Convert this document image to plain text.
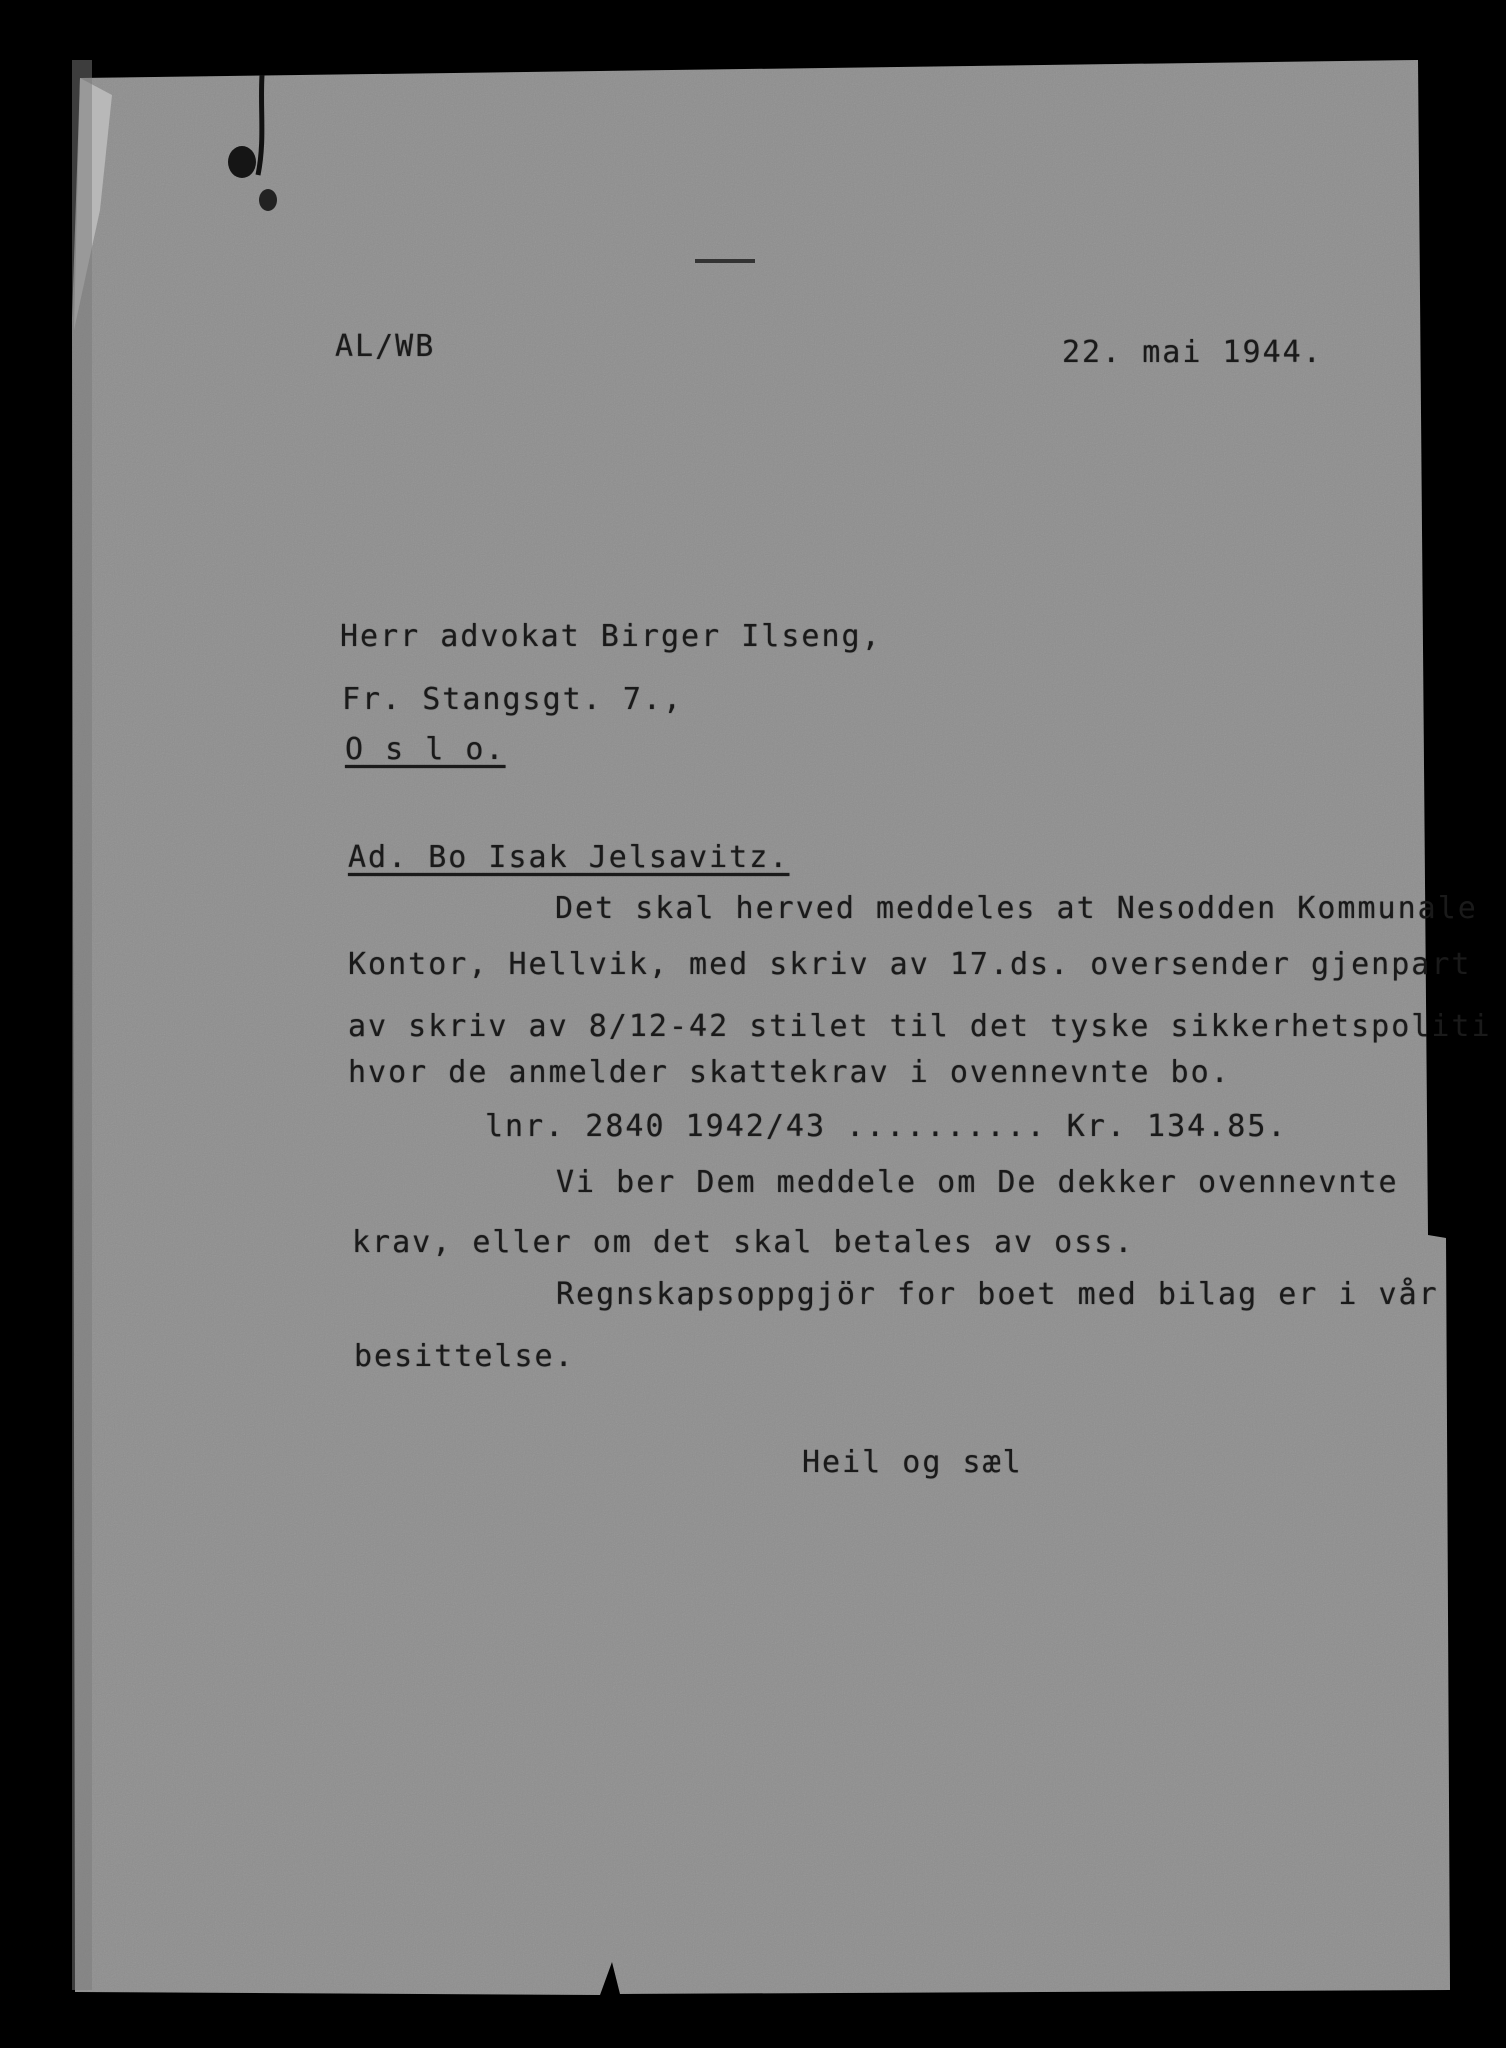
AL/WB	22. mai 1944.
Herr advokat Birger Ilseng,
Fr. Stangsgt. 7.,
O s l o.
Ad. Bo Isak Jelsavitz.
Det skal herved meddeles at Nesodden Kommunale
Kontor, Hellvik, med skriv av 17.ds. oversender gjenpart
av skriv av 8/12-42 stilet til det tyske sikkerhetspoliti
hvor de anmelder skattekrav i ovennevnte bo.
lnr. 2840 1942/43 .......... Kr. 134.85.
Vi ber Dem meddele om De dekker ovennevnte
krav, eller om det skal betales av oss.
Regnskapsoppgjör for boet med bilag er i vår
besittelse.
Heil og sæl
